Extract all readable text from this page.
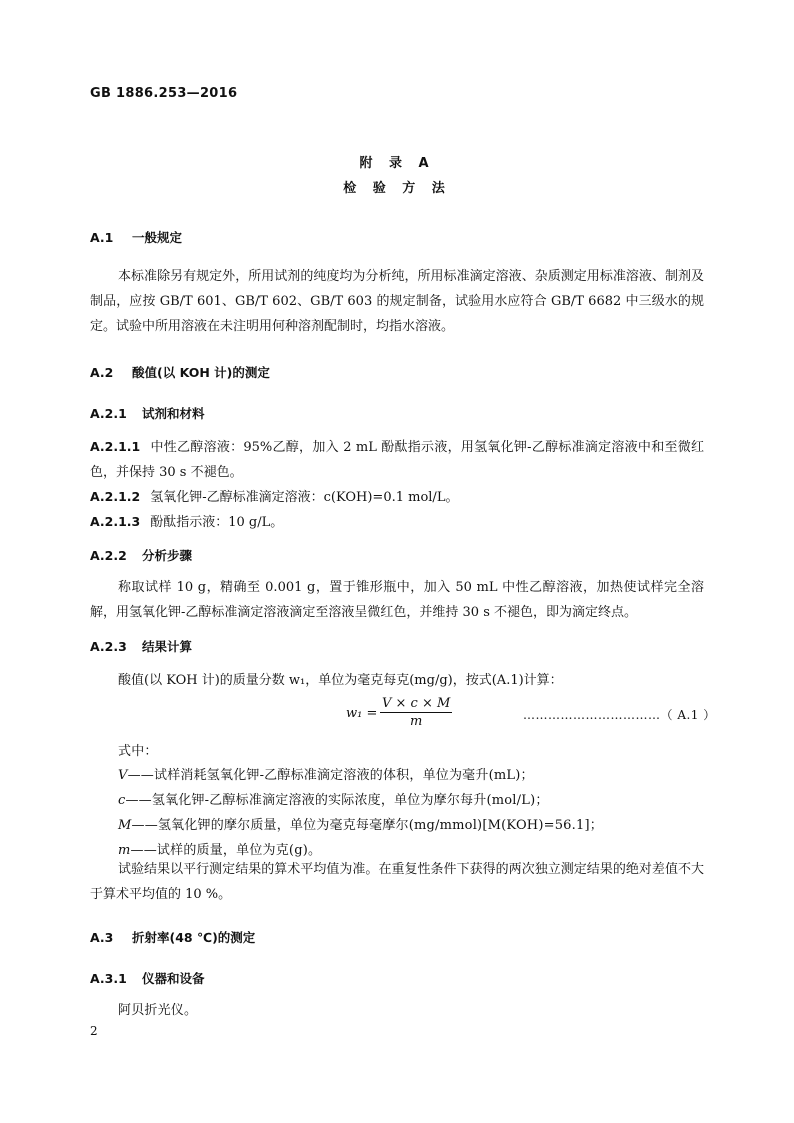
GB 1886.253—2016
附 录 A
检 验 方 法
A.1 一般规定

本标准除另有规定外，所用试剂的纯度均为分析纯，所用标准滴定溶液、杂质测定用标准溶液、制剂及制品，应按 GB/T 601、GB/T 602、GB/T 603 的规定制备，试验用水应符合 GB/T 6682 中三级水的规定。试验中所用溶液在未注明用何种溶剂配制时，均指水溶液。

A.2 酸值(以 KOH 计)的测定
A.2.1 试剂和材料
A.2.1.1 中性乙醇溶液：95%乙醇，加入 2 mL 酚酞指示液，用氢氧化钾-乙醇标准滴定溶液中和至微红色，并保持 30 s 不褪色。
A.2.1.2 氢氧化钾-乙醇标准滴定溶液：c(KOH)=0.1 mol/L。
A.2.1.3 酚酞指示液：10 g/L。
A.2.2 分析步骤

称取试样 10 g，精确至 0.001 g，置于锥形瓶中，加入 50 mL 中性乙醇溶液，加热使试样完全溶解，用氢氧化钾-乙醇标准滴定溶液滴定至溶液呈微红色，并维持 30 s 不褪色，即为滴定终点。

A.2.3 结果计算

酸值(以 KOH 计)的质量分数 w₁，单位为毫克每克(mg/g)，按式(A.1)计算：

$w_1 = \frac{V \times c \times M}{m}$	……………………………（ A.1 ）
式中：
V——试样消耗氢氧化钾-乙醇标准滴定溶液的体积，单位为毫升(mL)；
c——氢氧化钾-乙醇标准滴定溶液的实际浓度，单位为摩尔每升(mol/L)；
M——氢氧化钾的摩尔质量，单位为毫克每毫摩尔(mg/mmol)[M(KOH)=56.1]；
m——试样的质量，单位为克(g)。

试验结果以平行测定结果的算术平均值为准。在重复性条件下获得的两次独立测定结果的绝对差值不大于算术平均值的 10 %。

A.3 折射率(48 ℃)的测定
A.3.1 仪器和设备
阿贝折光仪。
2
